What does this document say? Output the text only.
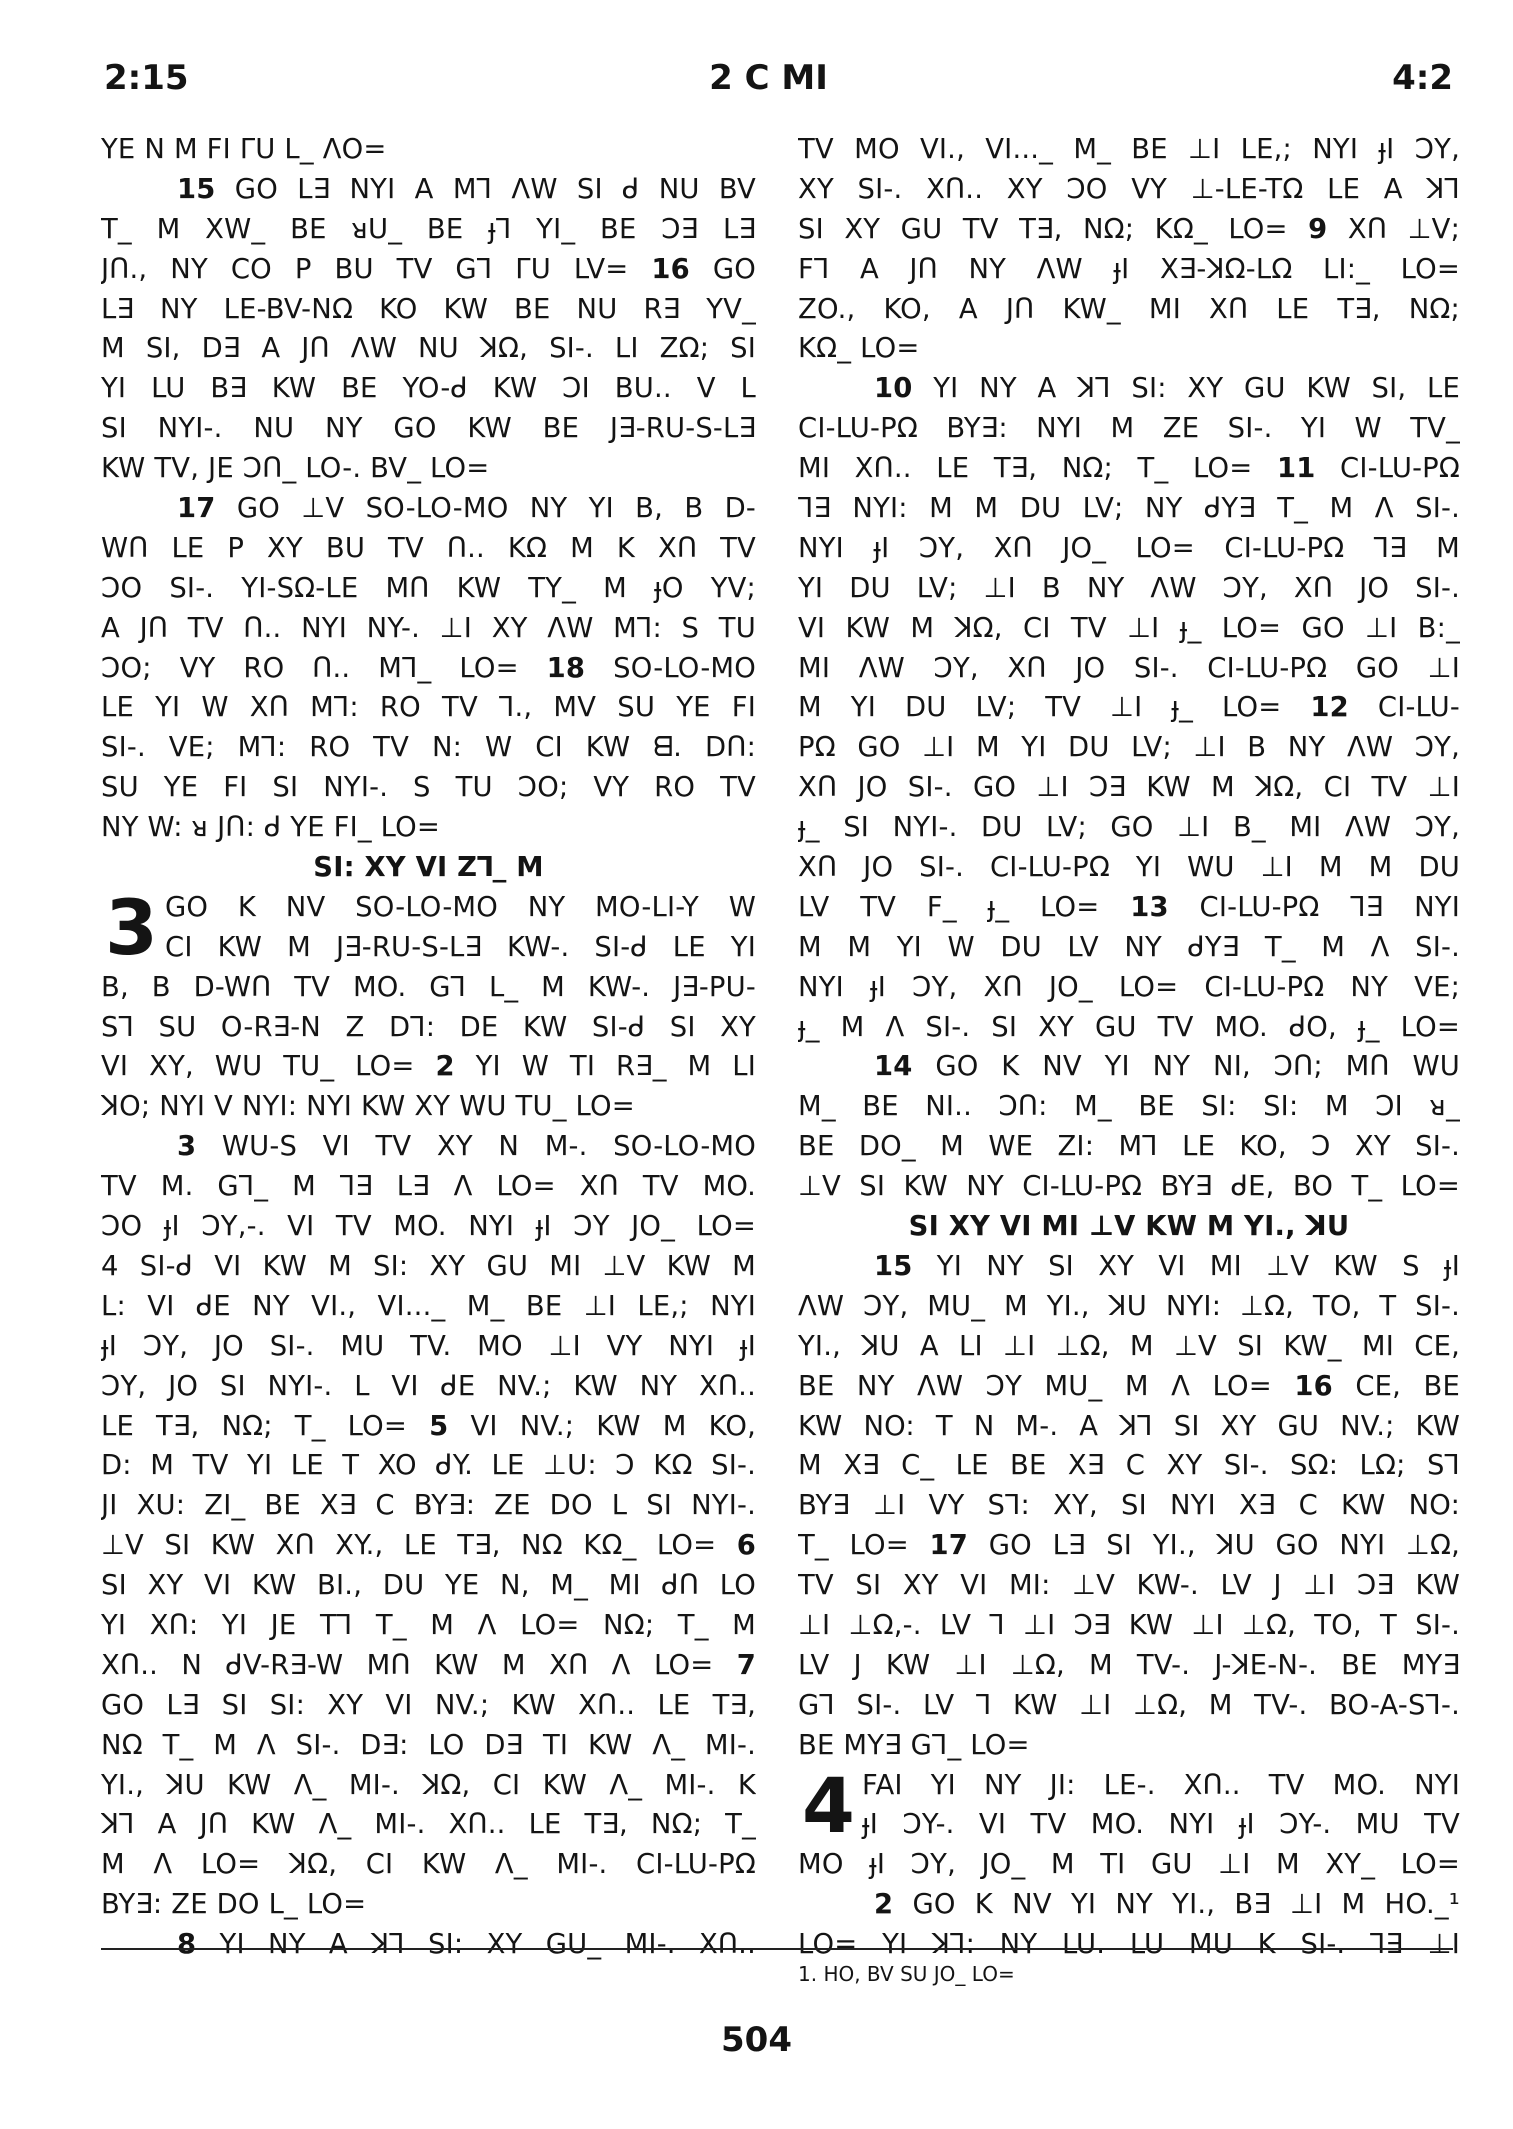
2:15	2 C MI	4:2
YE N M FI ΓU L_ ΛO=
15 GO L∃ NYI A M⅂ ΛW SI ᑯ NU BV
T_ M XW_ BE ᴚU_ BE ɟ⅂ YI_ BE Ͻ∃ L∃
JՈ., NY CO P BU TV G⅂ ΓU LV= 16 GO
L∃ NY LE-BV-NΩ KO KW BE NU R∃ YV_
M SI, D∃ A JՈ ΛW NU ꓘΩ, SI-. LI ZΩ; SI
YI LU B∃ KW BE YO-ᑯ KW ϽI BU.. V L
SI NYI-. NU NY GO KW BE J∃-RU-S-L∃
KW TV, JE ϽՈ_ LO-. BV_ LO=
17 GO ⊥V SO-LO-MO NY YI B, B D-
WՈ LE P XY BU TV Ո.. KΩ M K XՈ TV
ϽO SI-. YI-SΩ-LE MՈ KW TY_ M ɟO YV;
A JՈ TV Ո.. NYI NY-. ⊥I XY ΛW M⅂: S TU
ϽO; VY RO Ո.. M⅂_ LO= 18 SO-LO-MO
LE YI W XՈ M⅂: RO TV ⅂., MV SU YE FI
SI-. VE; M⅂: RO TV N: W CI KW ᗺ. DՈ:
SU YE FI SI NYI-. S TU ϽO; VY RO TV
NY W: ᴚ JՈ: ᑯ YE FI_ LO=
SI: XY VI Z⅂_ M
3 GO K NV SO-LO-MO NY MO-LI-Y W
CI KW M J∃-RU-S-L∃ KW-. SI-ᑯ LE YI
B, B D-WՈ TV MO. G⅂ L_ M KW-. J∃-PU-
S⅂ SU O-R∃-N Z D⅂: DE KW SI-ᑯ SI XY
VI XY, WU TU_ LO= 2 YI W TI R∃_ M LI
ꓘO; NYI V NYI: NYI KW XY WU TU_ LO=
3 WU-S VI TV XY N M-. SO-LO-MO
TV M. G⅂_ M ⅂∃ L∃ Λ LO= XՈ TV MO.
ϽO ɟI ϽY,-. VI TV MO. NYI ɟI ϽY JO_ LO=
4 SI-ᑯ VI KW M SI: XY GU MI ⊥V KW M
L: VI ᑯE NY VI., VI..._ M_ BE ⊥I LE,; NYI
ɟI ϽY, JO SI-. MU TV. MO ⊥I VY NYI ɟI
ϽY, JO SI NYI-. L VI ᑯE NV.; KW NY XՈ..
LE T∃, NΩ; T_ LO= 5 VI NV.; KW M KO,
D: M TV YI LE T XO ᑯY. LE ⊥U: Ͻ KΩ SI-.
JI XU: ZI_ BE X∃ C BY∃: ZE DO L SI NYI-.
⊥V SI KW XՈ XY., LE T∃, NΩ KΩ_ LO= 6
SI XY VI KW BI., DU YE N, M_ MI ᑯՈ LO
YI XՈ: YI JE T⅂ T_ M Λ LO= NΩ; T_ M
XՈ.. N ᑯV-R∃-W MՈ KW M XՈ Λ LO= 7
GO L∃ SI SI: XY VI NV.; KW XՈ.. LE T∃,
NΩ T_ M Λ SI-. D∃: LO D∃ TI KW Λ_ MI-.
YI., ꓘU KW Λ_ MI-. ꓘΩ, CI KW Λ_ MI-. K
ꓘ⅂ A JՈ KW Λ_ MI-. XՈ.. LE T∃, NΩ; T_
M Λ LO= ꓘΩ, CI KW Λ_ MI-. CI-LU-PΩ
BY∃: ZE DO L_ LO=
8 YI NY A ꓘ⅂ SI: XY GU_ MI-. XՈ..
TV MO VI., VI..._ M_ BE ⊥I LE,; NYI ɟI ϽY,
XY SI-. XՈ.. XY ϽO VY ⊥-LE-TΩ LE A ꓘ⅂
SI XY GU TV T∃, NΩ; KΩ_ LO= 9 XՈ ⊥V;
F⅂ A JՈ NY ΛW ɟI X∃-ꓘΩ-LΩ LI:_ LO=
ZO., KO, A JՈ KW_ MI XՈ LE T∃, NΩ;
KΩ_ LO=
10 YI NY A ꓘ⅂ SI: XY GU KW SI, LE
CI-LU-PΩ BY∃: NYI M ZE SI-. YI W TV_
MI XՈ.. LE T∃, NΩ; T_ LO= 11 CI-LU-PΩ
⅂∃ NYI: M M DU LV; NY ᑯY∃ T_ M Λ SI-.
NYI ɟI ϽY, XՈ JO_ LO= CI-LU-PΩ ⅂∃ M
YI DU LV; ⊥I B NY ΛW ϽY, XՈ JO SI-.
VI KW M ꓘΩ, CI TV ⊥I ɟ_ LO= GO ⊥I B:_
MI ΛW ϽY, XՈ JO SI-. CI-LU-PΩ GO ⊥I
M YI DU LV; TV ⊥I ɟ_ LO= 12 CI-LU-
PΩ GO ⊥I M YI DU LV; ⊥I B NY ΛW ϽY,
XՈ JO SI-. GO ⊥I Ͻ∃ KW M ꓘΩ, CI TV ⊥I
ɟ_ SI NYI-. DU LV; GO ⊥I B_ MI ΛW ϽY,
XՈ JO SI-. CI-LU-PΩ YI WU ⊥I M M DU
LV TV F_ ɟ_ LO= 13 CI-LU-PΩ ⅂∃ NYI
M M YI W DU LV NY ᑯY∃ T_ M Λ SI-.
NYI ɟI ϽY, XՈ JO_ LO= CI-LU-PΩ NY VE;
ɟ_ M Λ SI-. SI XY GU TV MO. ᑯO, ɟ_ LO=
14 GO K NV YI NY NI, ϽՈ; MՈ WU
M_ BE NI.. ϽՈ: M_ BE SI: SI: M ϽI ᴚ_
BE DO_ M WE ZI: M⅂ LE KO, Ͻ XY SI-.
⊥V SI KW NY CI-LU-PΩ BY∃ ᑯE, BO T_ LO=
SI XY VI MI ⊥V KW M YI., ꓘU
15 YI NY SI XY VI MI ⊥V KW S ɟI
ΛW ϽY, MU_ M YI., ꓘU NYI: ⊥Ω, TO, T SI-.
YI., ꓘU A LI ⊥I ⊥Ω, M ⊥V SI KW_ MI CE,
BE NY ΛW ϽY MU_ M Λ LO= 16 CE, BE
KW NO: T N M-. A ꓘ⅂ SI XY GU NV.; KW
M X∃ C_ LE BE X∃ C XY SI-. SΩ: LΩ; S⅂
BY∃ ⊥I VY S⅂: XY, SI NYI X∃ C KW NO:
T_ LO= 17 GO L∃ SI YI., ꓘU GO NYI ⊥Ω,
TV SI XY VI MI: ⊥V KW-. LV J ⊥I Ͻ∃ KW
⊥I ⊥Ω,-. LV ⅂ ⊥I Ͻ∃ KW ⊥I ⊥Ω, TO, T SI-.
LV J KW ⊥I ⊥Ω, M TV-. J-ꓘE-N-. BE MY∃
G⅂ SI-. LV ⅂ KW ⊥I ⊥Ω, M TV-. BO-A-S⅂-.
BE MY∃ G⅂_ LO=
4 FAI YI NY JI: LE-. XՈ.. TV MO. NYI
ɟI ϽY-. VI TV MO. NYI ɟI ϽY-. MU TV
MO ɟI ϽY, JO_ M TI GU ⊥I M XY_ LO=
2 GO K NV YI NY YI., B∃ ⊥I M HO._¹
LO= YI ꓘ⅂: NY LU. LU MU K SI-. ⅂∃ ⊥I
1. HO, BV SU JO_ LO=
504
